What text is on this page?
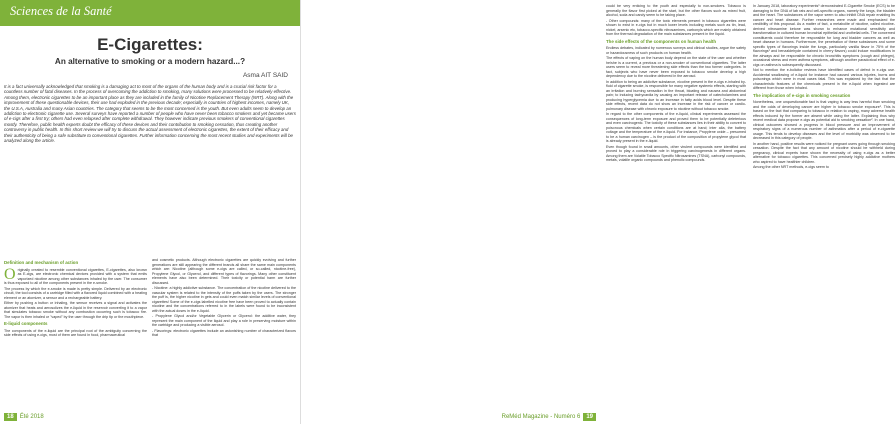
Sciences de la Santé
E-Cigarettes:
An alternative to smoking or a modern hazard...?
Asma AIT SAID
It is a fact universally acknowledged that smoking is a damaging act to most of the organs of the human body and is a crucial risk factor for a countless number of fatal diseases. In the process of overcoming the addiction to smoking, many solutions were processed to be relatively effective. Among them, electronic cigarettes to be an important place as they are included in the family of Nicotine Replacement Therapy (NRT). Along with the improvement of these questionable devices, their use had exploded in the previous decade; especially in countries of highest incomes, namely UK, the U.S.A, Australia and many Asian countries. The category that seems to be the most concerned is the youth. But even adults seem to develop an addiction to electronic cigarette use. Several surveys have reported a number of people who have never been tobacco smokers and yet became users of e-cigs after a first try; others had even relapsed after complete withdrawal. They however indicate previous smokers of conventional cigarettes mostly. Therefore, public health experts doubt the efficacy of these devices and their contribution to smoking cessation, thus creating another controversy in public health. In this short review we will try to discuss the actual assessment of electronic cigarettes, the extent of their efficacy and their authenticity of being a safe substitute to conventional cigarettes. Further information concerning the most recent studies and experiments will be analyzed along the article.
Definition and mechanism of action

Originally created to resemble conventional cigarettes, E-cigarettes, also known as E-cigs, are electronic chemical devices provided with a system that emits vaporized nicotine among other substances inhaled by the user. The consumer is thus exposed to all of the components present in the e-smoke.

The process by which the e-smoke is made is pretty simple. Delivered by an electronic circuit, the tool consists of a cartridge filled with a flavored liquid combined with a heating element or an atomizer, a sensor and a rechargeable battery.

Either by pushing a button or inhaling, the sensor receives a signal and activates the atomizer that heats and aerosolizes the e-liquid in the reservoir converting it to a vapor that simulates tobacco smoke without any combustion occurring such is tobacco fire. The vapor is then inhaled or "vaped" by the user through the drip tip or the mouthpiece.

E-liquid components

The components of the e-liquid are the principal root of the ambiguity concerning the side effects of using e-cigs, most of them are found in food, pharmaceutical

and cosmetic products. Although electronic cigarettes are quickly evolving and further generations are still appearing the different brands all share the same main components which are: Nicotine (although some e-cigs are called, or so-called, nicotine-free), Propylene Glycol, or Glycerol, and different types of flavorings. Many other constituent elements have also been determined. Their toxicity or potential harm are further discussed.

- Nicotine: a highly addictive substance. The concentration of the nicotine delivered to the vascular system is related to the intensity of the puffs taken by the users. The stronger the puff is, the higher nicotine in gets and could even match similar levels of conventional cigarettes! Some of the e-cigs labelled nicotine free have been proved to actually contain nicotine and the concentrations referred to in the labels were found to be inconsistent with the actual doses in the e-liquid.

- Propylene Glycol and/or Vegetable Glycerin or Glycerol: the additive water, they represent the main component of the liquid and play a role in preserving moisture within the cartridge and producing a visible aerosol.

- Flavorings: electronic cigarettes include an astonishing number of characterized flavors that

18 Été 2018

could be very enticing to the youth and especially to non-smokers. Tobacco is generally the flavor first picked at the start, but the other flavors such as mixed fruit, alcohol, soda and candy seem to be taking place.

- Other compounds: many of the toxic elements present in tobacco cigarettes were shown to exist in e-cigs but in much lower levels including metals such as tin, lead, nickel, arsenic etc, tobacco-specific nitrosamines, carbonyls which are mainly obtained from the thermal degradation of the main substances present in the liquid.

The side effects of the components on human health

Endless debates, indicated by numerous surveys and clinical studies, argue the safety or hazardousness of such products on human health.

The effects of vaping on the human body depend on the state of the user and whether he/she is a current, a previous or a non-smoker of conventional cigarettes. The latter users seem to reveal more threatening side effects than the two former categories. In fact, subjects who have never been exposed to tobacco smoke develop a high dependency due to the nicotine delivered in the aerosol.

In addition to being an addictive substance, nicotine present in the e-cigs e-inhaled by-fluid of cigarette smoke, is responsible for many negative systemic effects, starting with an irritation and burning sensation in the throat, bloating and nausea and abdominal pain; to inducing tachycardia by causing an important release of catecholamines and producing hyperglycemia due to an increase in fatty acids blood level. Despite these side effects, recent data do not show an increase in the risk of cancer or cardio-pulmonary disease with chronic exposure to nicotine without tobacco smoke.

In regard to the other components of the e-liquid, clinical experiments assessed the consequences of long-term exposure and proved them to be potentially deleterious and even carcinogenic. The toxicity of these substances lies in their ability to convert to poisonous chemicals when certain conditions are at hand; inter alia, the battery voltage and the temperature of the e-liquid. For instance, Propylene oxide – presumed to be a human carcinogen – is the product of the composition of propylene glycol that is already present in the e-liquid.

Even though found in small amounts, other virulent compounds were identified and proved to play a considerable role in triggering carcinogenesis in different organs. Among them are Volatile Tobacco Specific Nitrosamines (TSNA), carbonyl compounds, metals, volatile organic compounds and phenolic compounds.

In January 2018, laboratory experiments¹ demonstrated E-Cigarette Smoke (ECS) to be damaging to the DNA of lab rats and cell-specific organs, namely the lungs, the bladder and the heart. The substances of the vapor seem to also inhibit DNA repair enabling its cancer and heart disease. Further researches were made and emphasized the credibility of this proposal. As a matter of fact, a metabolite of nicotine, called nicotine-derived nitrosamine ketone was shown to enhance mutational sensitivity and transformation in cultured human bronchial epithelial and urothelial cells. The concerned constituents could therefore be responsible for lung and bladder cancers as well as heart disease in humans. Furthermore, the penetration of these substances and some specific types of flavorings inside the lungs, particularly vanilla flavor in 75% of the flavorings¹ and benzaldehyde contained in cherry flavors) could induce modifications in the airways and be responsible for chronic bronchitis symptoms (cough and phlegm), occasional stress and even asthma symptoms, although another paradoxical effect of e-cigs on asthma is subsequently discussed.

Not to mention the e-bolicitor reviews have identified cases of defect in e-cigs use. Accidental swallowing of e-liquid for instance had caused various injuries, burns and poisonings which were in most cases fatal. This was explained by the fact that the characteristic features of the chemicals present in the e-liquid when ingested are different from those when inhaled.

The implication of e-cigs in smoking cessation

Nonetheless, one unquestionable fact is that vaping is way less harmful than smoking and the odds of developing cancer are higher in tobacco smoke exposure¹. This is based on the fact that comparing to tobacco in relation to vaping, many adverse health effects induced by the former are absent while using the latter. Explaining thus why recent medical data propose e-cigs as potential aid to smoking cessation². In one hand, clinical outcomes showed a progress in blood pressure and an improvement of respiratory signs of a numerous number of asthmatics after a period of e-cigarette usage. This tends to develop diseases and the level of morbidity was observed to be decreased in this category of people.

In another hand, positive results were noticed for pregnant users going through smoking cessation. Despite the fact that any amount of nicotine should be withheld during pregnancy, clinical experts have shown the necessity of using e-cigs as a better alternative for tobacco cigarettes. This concerned precisely highly addictive mothers who aspired to have healthier children.

Among the other NRT methods, e-cigs seem to

ReMéd Magazine - Numéro 6 19
